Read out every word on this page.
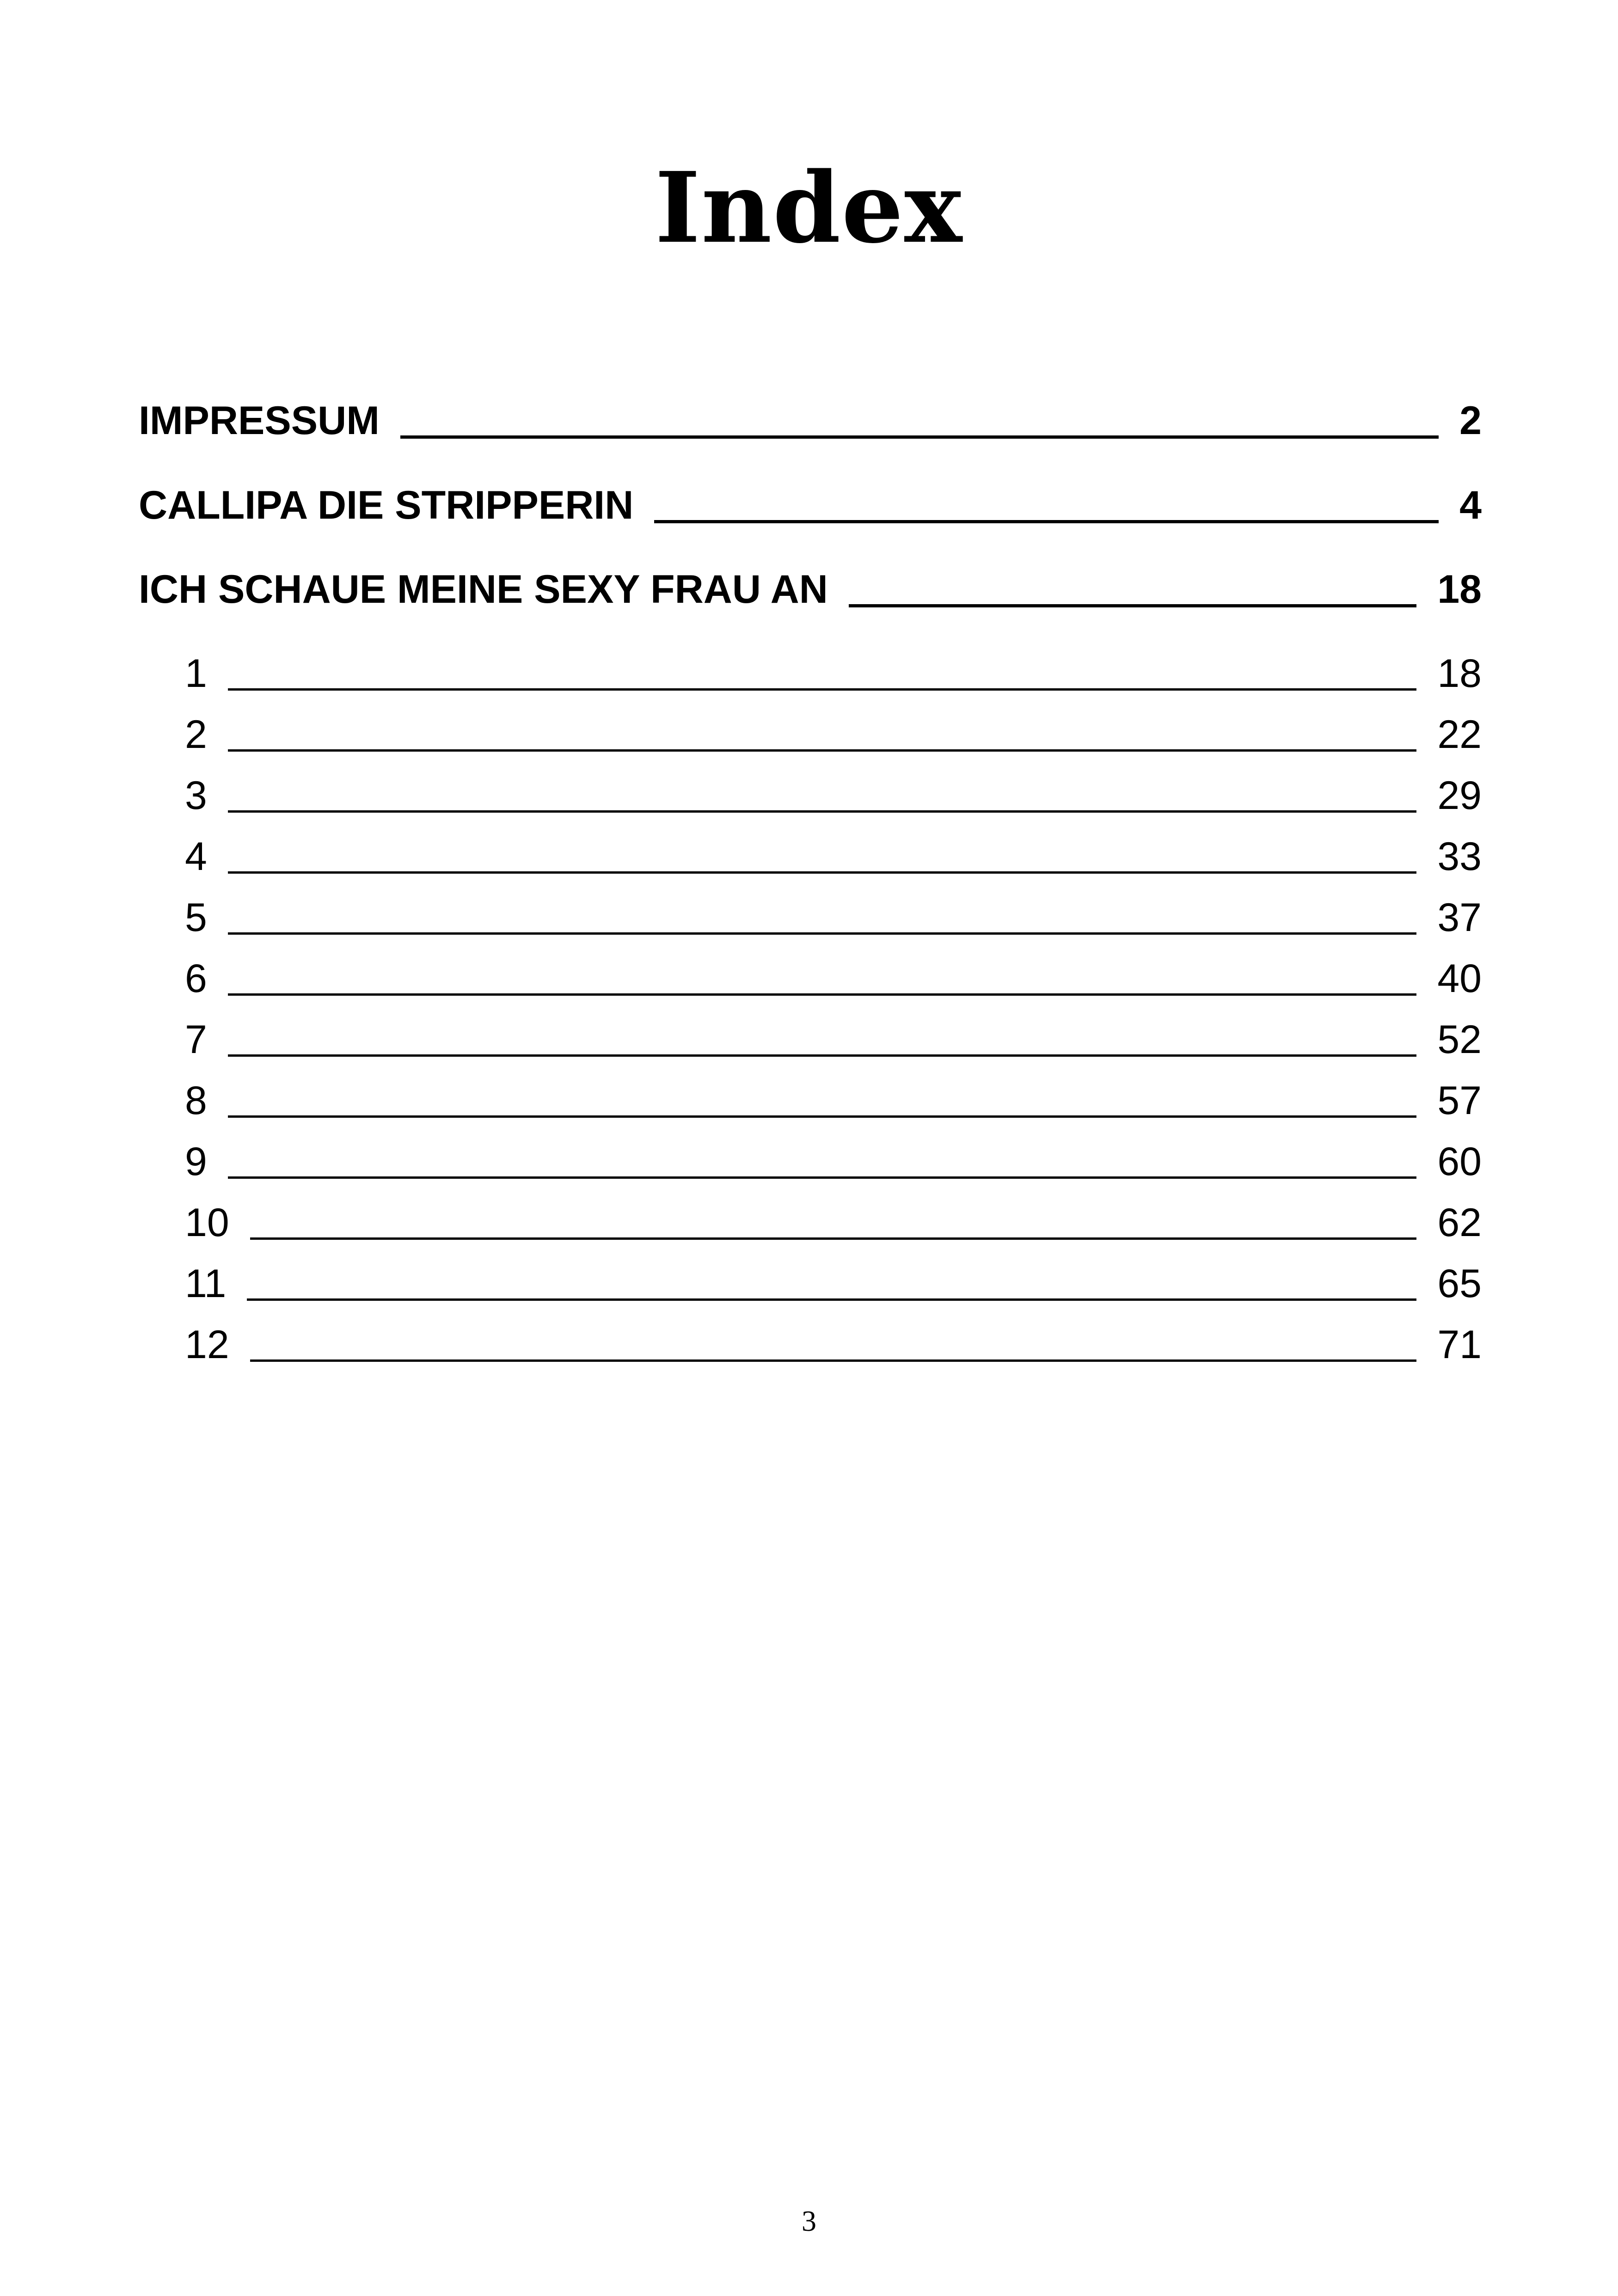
Index
IMPRESSUM	2
CALLIPA DIE STRIPPERIN	4
ICH SCHAUE MEINE SEXY FRAU AN	18
1	18
2	22
3	29
4	33
5	37
6	40
7	52
8	57
9	60
10	62
11	65
12	71
3
